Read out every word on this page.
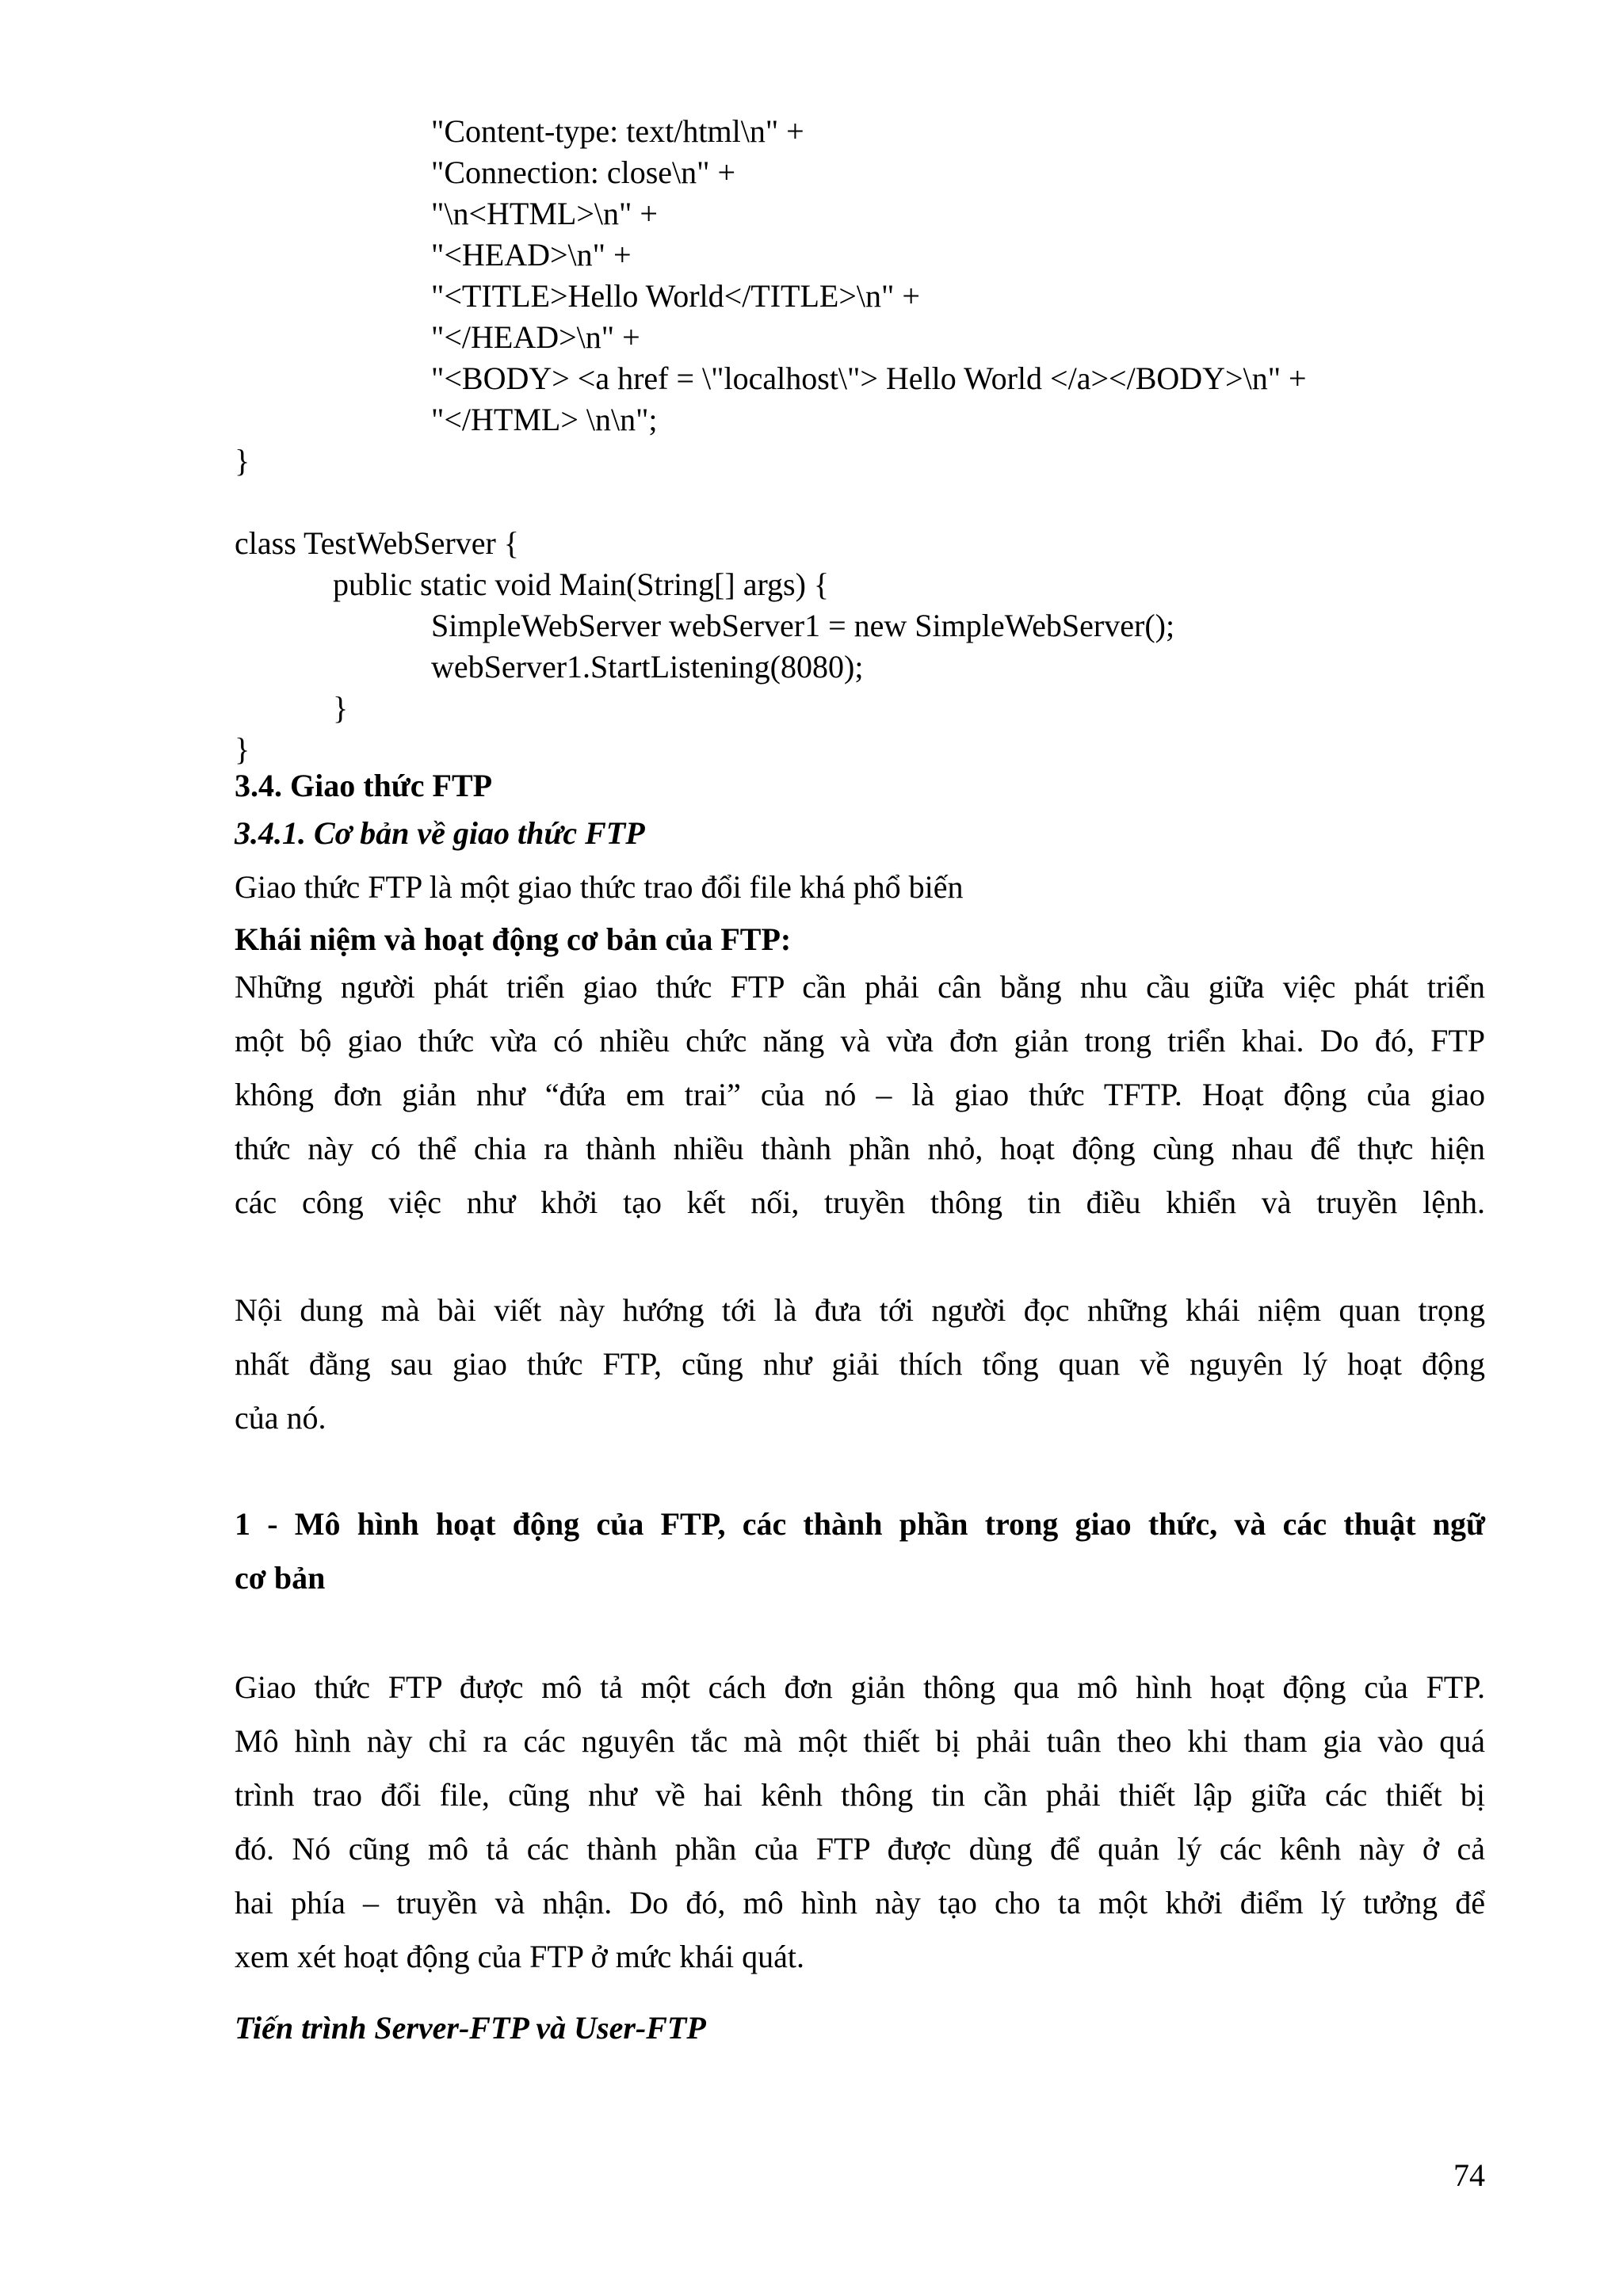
"Content-type: text/html\n" +

"Connection: close\n" +

"\n<HTML>\n" +

"<HEAD>\n" +

"<TITLE>Hello World</TITLE>\n" +

"</HEAD>\n" +

"<BODY> <a href = \"localhost\"> Hello World </a></BODY>\n" +

"</HTML> \n\n";

}

class TestWebServer {

public static void Main(String[] args) {

SimpleWebServer webServer1 = new SimpleWebServer();

webServer1.StartListening(8080);

}

}

3.4. Giao thức FTP
3.4.1. Cơ bản về giao thức FTP
Giao thức FTP là một giao thức trao đổi file khá phổ biến
Khái niệm và hoạt động cơ bản của FTP:
Những người phát triển giao thức FTP cần phải cân bằng nhu cầu giữa việc phát triển
một bộ giao thức vừa có nhiều chức năng và vừa đơn giản trong triển khai. Do đó, FTP
không đơn giản như “đứa em trai” của nó – là giao thức TFTP. Hoạt động của giao
thức này có thể chia ra thành nhiều thành phần nhỏ, hoạt động cùng nhau để thực hiện
các công việc như khởi tạo kết nối, truyền thông tin điều khiển và truyền lệnh.
Nội dung mà bài viết này hướng tới là đưa tới người đọc những khái niệm quan trọng
nhất đằng sau giao thức FTP, cũng như giải thích tổng quan về nguyên lý hoạt động
của nó.
1 - Mô hình hoạt động của FTP, các thành phần trong giao thức, và các thuật ngữ
cơ bản
Giao thức FTP được mô tả một cách đơn giản thông qua mô hình hoạt động của FTP.
Mô hình này chỉ ra các nguyên tắc mà một thiết bị phải tuân theo khi tham gia vào quá
trình trao đổi file, cũng như về hai kênh thông tin cần phải thiết lập giữa các thiết bị
đó. Nó cũng mô tả các thành phần của FTP được dùng để quản lý các kênh này ở cả
hai phía – truyền và nhận. Do đó, mô hình này tạo cho ta một khởi điểm lý tưởng để
xem xét hoạt động của FTP ở mức khái quát.
Tiến trình Server-FTP và User-FTP
74
